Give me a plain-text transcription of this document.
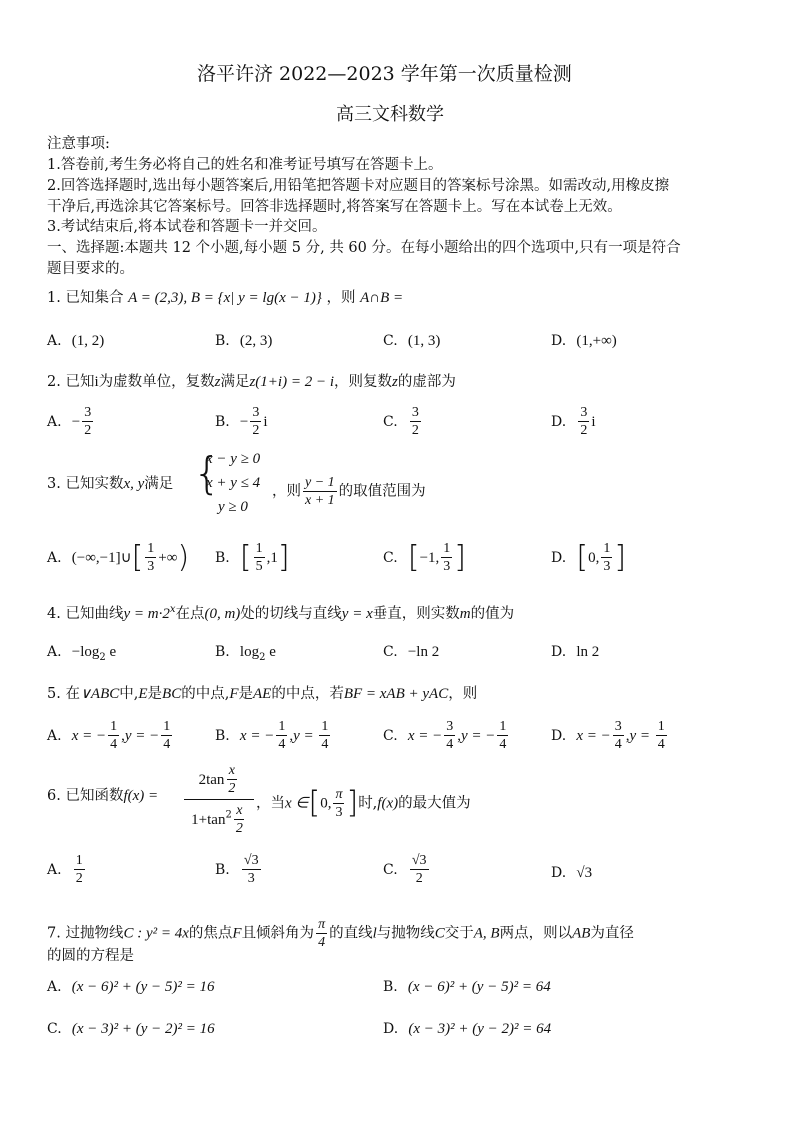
洛平许济 2022—2023 学年第一次质量检测
高三文科数学
注意事项:
1.答卷前,考生务必将自己的姓名和准考证号填写在答题卡上。
2.回答选择题时,选出每小题答案后,用铅笔把答题卡对应题目的答案标号涂黑。如需改动,用橡皮擦
干净后,再选涂其它答案标号。回答非选择题时,将答案写在答题卡上。写在本试卷上无效。
3.考试结束后,将本试卷和答题卡一并交回。
一、选择题:本题共 12 个小题,每小题 5 分, 共 60 分。在每小题给出的四个选项中,只有一项是符合
题目要求的。
1. 已知集合 A = (2,3), B = {x| y = lg(x − 1)} ，则 A∩B =
A. (1, 2)	B. (2, 3)	C. (1, 3)	D. (1,+∞)
2. 已知i为虚数单位，复数z满足z(1+i) = 2 − i，则复数z的虚部为
A. − $\frac{3}{2}$	B. − $\frac{3}{2}$ i	C. $\frac{3}{2}$	D. $\frac{3}{2}$ i
3. 已知实数x, y满足 {
x − y ≥ 0
x + y ≤ 4
y ≥ 0
，则 $\frac{y - 1}{x + 1}$ 的取值范围为
A. (−∞,−1]∪[ $\frac{1}{3}$ +∞) B. [ $\frac{1}{5} ,1$]	C. [−1, $\frac{1}{3}$ ]	D. [0, $\frac{1}{3}$ ]
4. 已知曲线$y = m\cdot 2^x$在点(0, m)处的切线与直线y = x垂直，则实数m的值为
A. $-\log_2$ e	B. $\log_2 e$	C. −ln 2	D. ln 2
5. 在∨ABC中,E是BC的中点,F是AE的中点，若BF = xAB + yAC，则
A. x = − $\frac{1}{4} ,y$ = − $\frac{1}{4}$	B. x = − $\frac{1}{4} ,y = \frac{1}{4}$	C. x = − $\frac{3}{4} ,y$ = − $\frac{1}{4}$	D. x = − $\frac{3}{4} ,y = \frac{1}{4}$
6. 已知函数$f(x) = \frac{2\tan \frac{x}{2}}{1+\tan^2 \frac{x}{2}}$ ，当x ∈[0, $\frac{\pi}{3}$ ]时,f(x)的最大值为
A. $\frac{1}{2}$	B. $\frac{√3}{3}$	C. $\frac{√3}{2}$	D. √3
7. 过抛物线C : y² = 4x的焦点F且倾斜角为 $\frac{\pi}{4}$ 的直线l与抛物线C交于A, B两点，则以AB为直径
的圆的方程是
A. (x − 6)² + (y − 5)² = 16	B. (x − 6)² + (y − 5)² = 64
C. (x − 3)² + (y − 2)² = 16	D. (x − 3)² + (y − 2)² = 64
